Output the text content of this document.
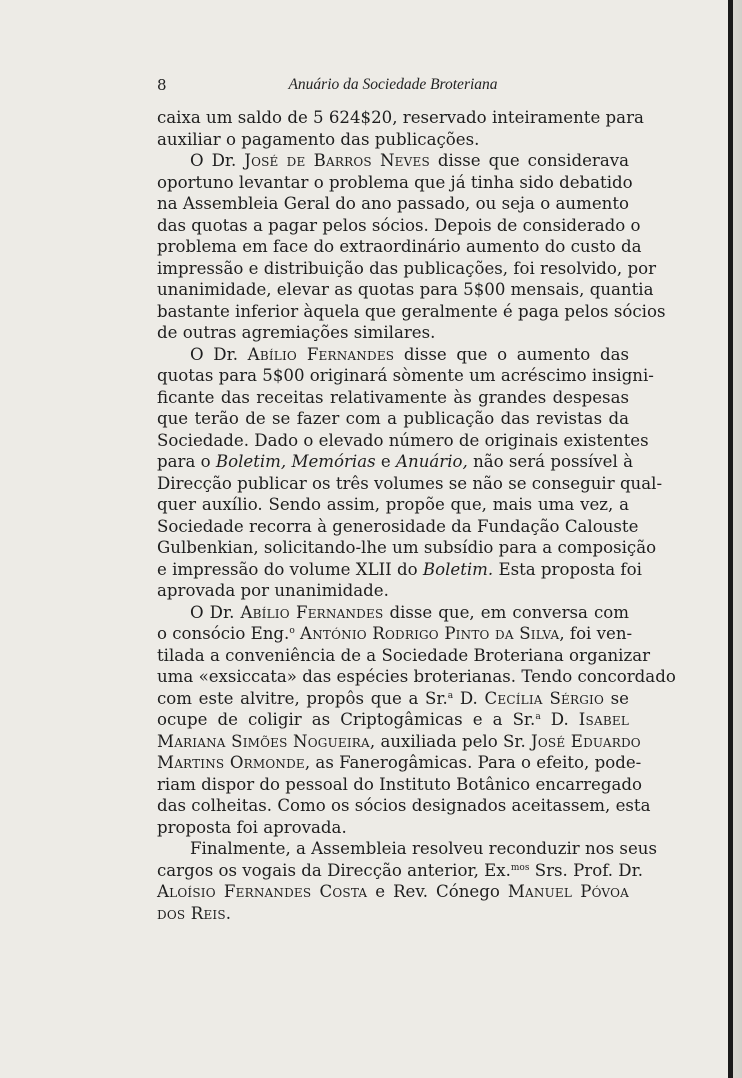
8	Anuário da Sociedade Broteriana
caixa um saldo de 5 624$20, reservado inteiramente para
auxiliar o pagamento das publicações.
O Dr. José de Barros Neves disse que considerava
oportuno levantar o problema que já tinha sido debatido
na Assembleia Geral do ano passado, ou seja o aumento
das quotas a pagar pelos sócios. Depois de considerado o
problema em face do extraordinário aumento do custo da
impressão e distribuição das publicações, foi resolvido, por
unanimidade, elevar as quotas para 5$00 mensais, quantia
bastante inferior àquela que geralmente é paga pelos sócios
de outras agremiações similares.
O Dr. Abílio Fernandes disse que o aumento das
quotas para 5$00 originará sòmente um acréscimo insigni-
ficante das receitas relativamente às grandes despesas
que terão de se fazer com a publicação das revistas da
Sociedade. Dado o elevado número de originais existentes
para o Boletim, Memórias e Anuário, não será possível à
Direcção publicar os três volumes se não se conseguir qual-
quer auxílio. Sendo assim, propõe que, mais uma vez, a
Sociedade recorra à generosidade da Fundação Calouste
Gulbenkian, solicitando-lhe um subsídio para a composição
e impressão do volume XLII do Boletim. Esta proposta foi
aprovada por unanimidade.
O Dr. Abílio Fernandes disse que, em conversa com
o consócio Eng.$^o$ António Rodrigo Pinto da Silva, foi ven-
tilada a conveniência de a Sociedade Broteriana organizar
uma «exsiccata» das espécies broterianas. Tendo concordado
com este alvitre, propôs que a Sr.$^a$ D. Cecília Sérgio se
ocupe de coligir as Criptogâmicas e a Sr.$^a$ D. Isabel
Mariana Simões Nogueira, auxiliada pelo Sr. José Eduardo
Martins Ormonde, as Fanerogâmicas. Para o efeito, pode-
riam dispor do pessoal do Instituto Botânico encarregado
das colheitas. Como os sócios designados aceitassem, esta
proposta foi aprovada.
Finalmente, a Assembleia resolveu reconduzir nos seus
cargos os vogais da Direcção anterior, Ex.$^{mos}$ Srs. Prof. Dr.
Aloísio Fernandes Costa e Rev. Cónego Manuel Póvoa
dos Reis.
